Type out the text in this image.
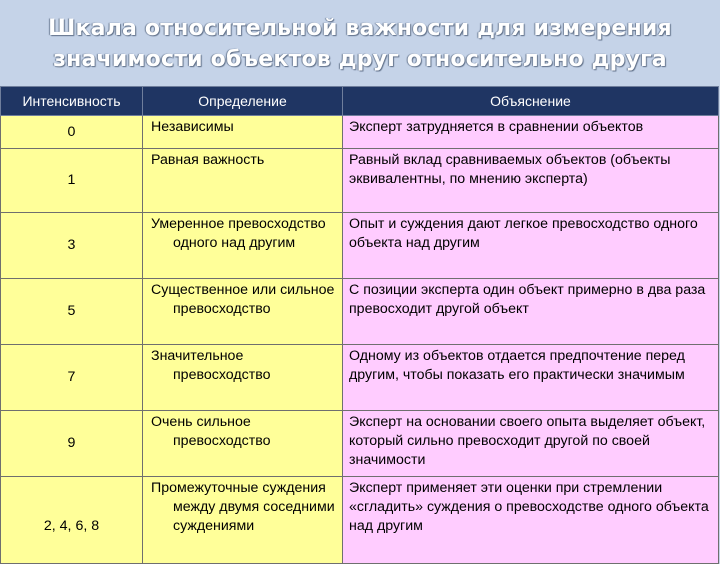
Шкала относительной важности для измерения
значимости объектов друг относительно друга
Интенсивность	Определение	Объяснение
0	Независимы	Эксперт затрудняется в сравнении объектов
1	Равная важность	Равный вклад сравниваемых объектов (объекты эквивалентны, по мнению эксперта)
3	Умеренное превосходство одного над другим	Опыт и суждения дают легкое превосходство одного объекта над другим
5	Существенное или сильное превосходство	С позиции эксперта один объект примерно в два раза превосходит другой объект
7	Значительное превосходство	Одному из объектов отдается предпочтение перед другим, чтобы показать его практически значимым
9	Очень сильное превосходство	Эксперт на основании своего опыта выделяет объект, который сильно превосходит другой по своей значимости
2, 4, 6, 8	Промежуточные суждения между двумя соседними суждениями	Эксперт применяет эти оценки при стремлении «сгладить» суждения о превосходстве одного объекта над другим
